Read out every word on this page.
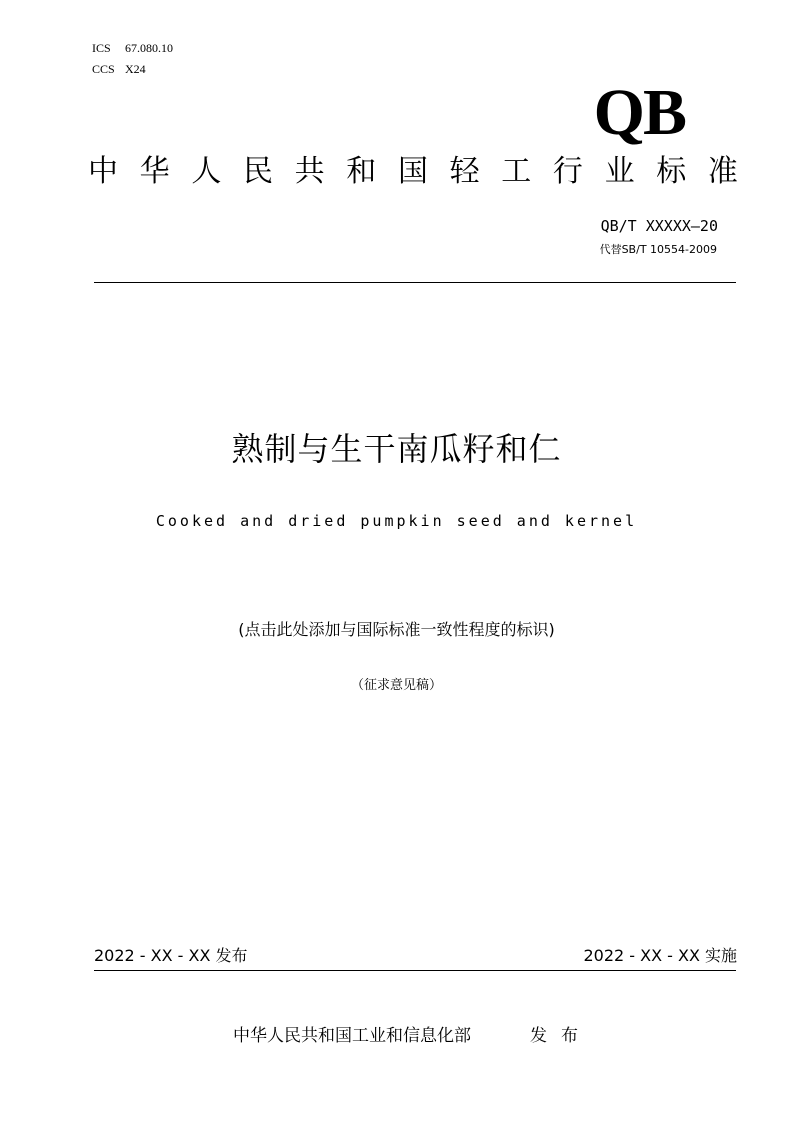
ICS 67.080.10
CCS X24
QB
中 华 人 民 共 和 国 轻 工 行 业 标 准
QB/T XXXXX—20
代替SB/T 10554-2009
熟制与生干南瓜籽和仁
Cooked and dried pumpkin seed and kernel
(点击此处添加与国际标准一致性程度的标识)
（征求意见稿）
2022 - XX - XX 发布	2022 - XX - XX 实施
中华人民共和国工业和信息化部	发布
